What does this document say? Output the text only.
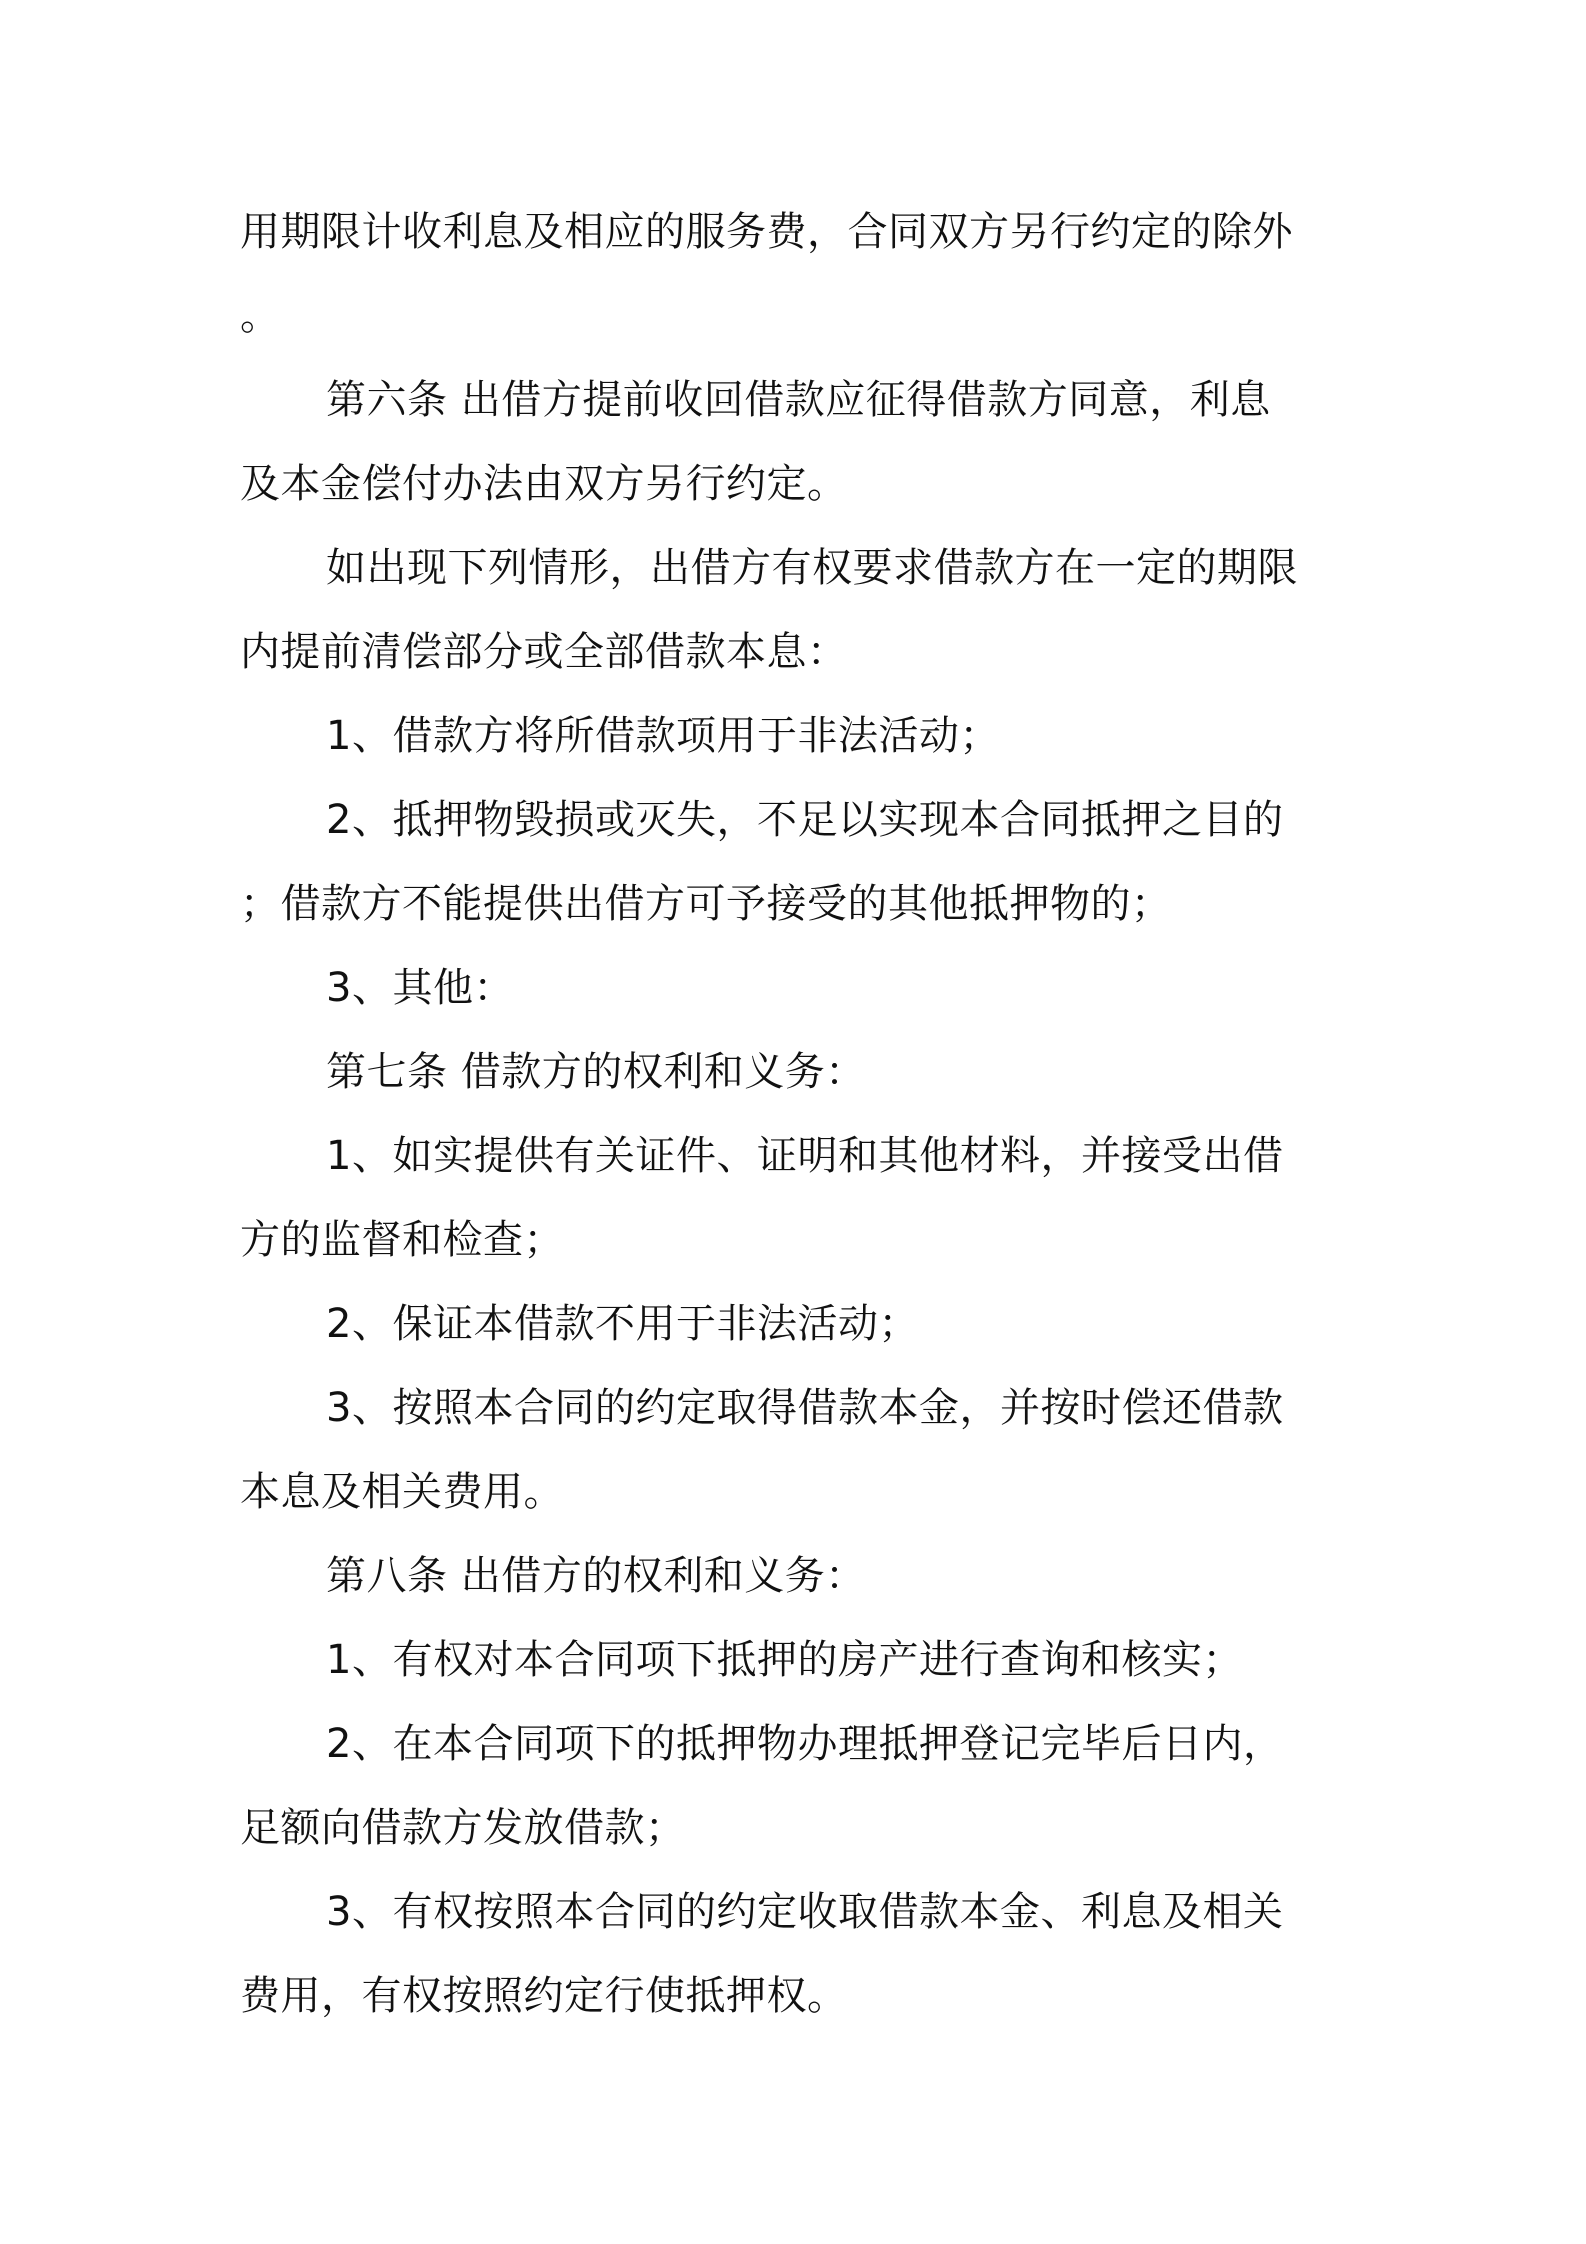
用期限计收利息及相应的服务费，合同双方另行约定的除外
。
第六条 出借方提前收回借款应征得借款方同意，利息
及本金偿付办法由双方另行约定。
如出现下列情形，出借方有权要求借款方在一定的期限
内提前清偿部分或全部借款本息：
1、借款方将所借款项用于非法活动；
2、抵押物毁损或灭失，不足以实现本合同抵押之目的
；借款方不能提供出借方可予接受的其他抵押物的；
3、其他：
第七条 借款方的权利和义务：
1、如实提供有关证件、证明和其他材料，并接受出借
方的监督和检查；
2、保证本借款不用于非法活动；
3、按照本合同的约定取得借款本金，并按时偿还借款
本息及相关费用。
第八条 出借方的权利和义务：
1、有权对本合同项下抵押的房产进行查询和核实；
2、在本合同项下的抵押物办理抵押登记完毕后日内，
足额向借款方发放借款；
3、有权按照本合同的约定收取借款本金、利息及相关
费用，有权按照约定行使抵押权。
